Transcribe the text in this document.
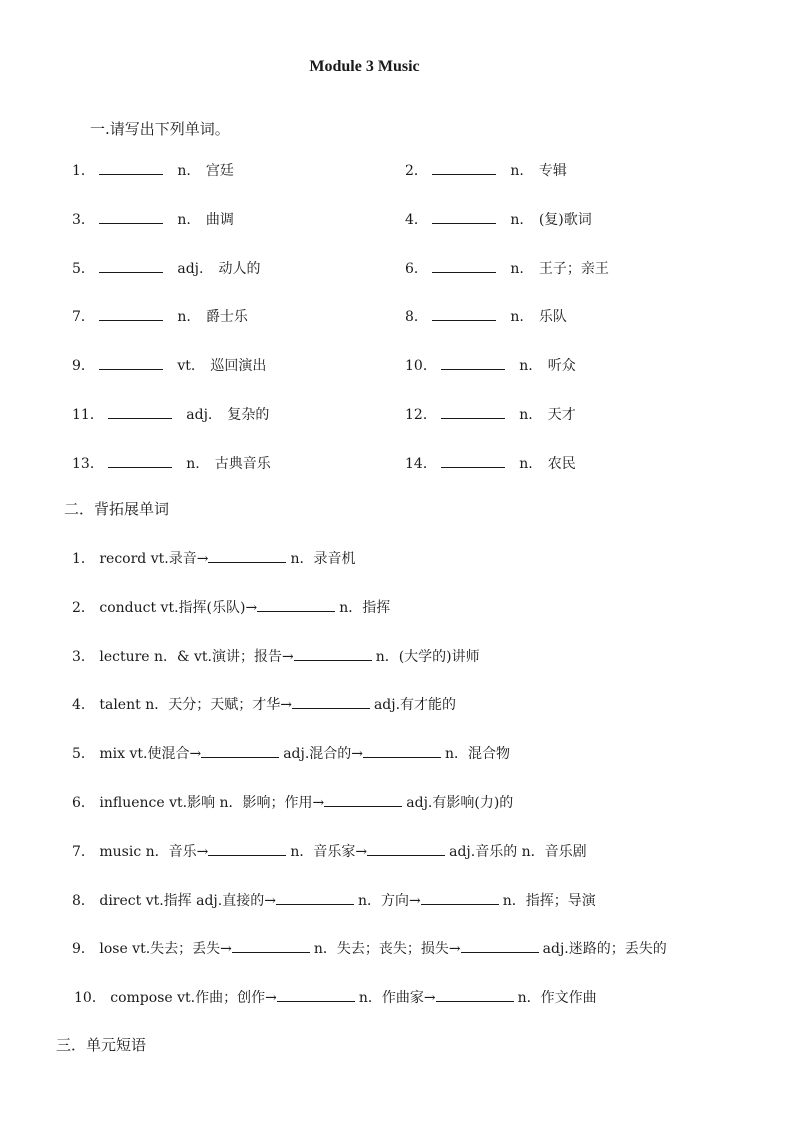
Module 3 Music
一.请写出下列单词。
1．	n. 宫廷	2．	n. 专辑
3．	n. 曲调	4．	n. (复)歌词
5．	adj. 动人的	6．	n. 王子；亲王
7．	n. 爵士乐	8．	n. 乐队
9．	vt. 巡回演出	10．	n. 听众
11．	adj. 复杂的	12．	n. 天才
13．	n. 古典音乐	14．	n. 农民
二．背拓展单词
1． record vt.录音→	n．录音机
2． conduct vt.指挥(乐队)→	n．指挥
3． lecture n．& vt.演讲；报告→	n．(大学的)讲师
4． talent n．天分；天赋；才华→	adj.有才能的
5． mix vt.使混合→	adj.混合的→	n．混合物
6． influence vt.影响 n．影响；作用→	adj.有影响(力)的
7． music n．音乐→	n．音乐家→	adj.音乐的 n．音乐剧
8． direct vt.指挥 adj.直接的→	n．方向→	n．指挥；导演
9． lose vt.失去；丢失→	n．失去；丧失；损失→	adj.迷路的；丢失的
10． compose vt.作曲；创作→	n．作曲家→	n．作文作曲
三．单元短语
